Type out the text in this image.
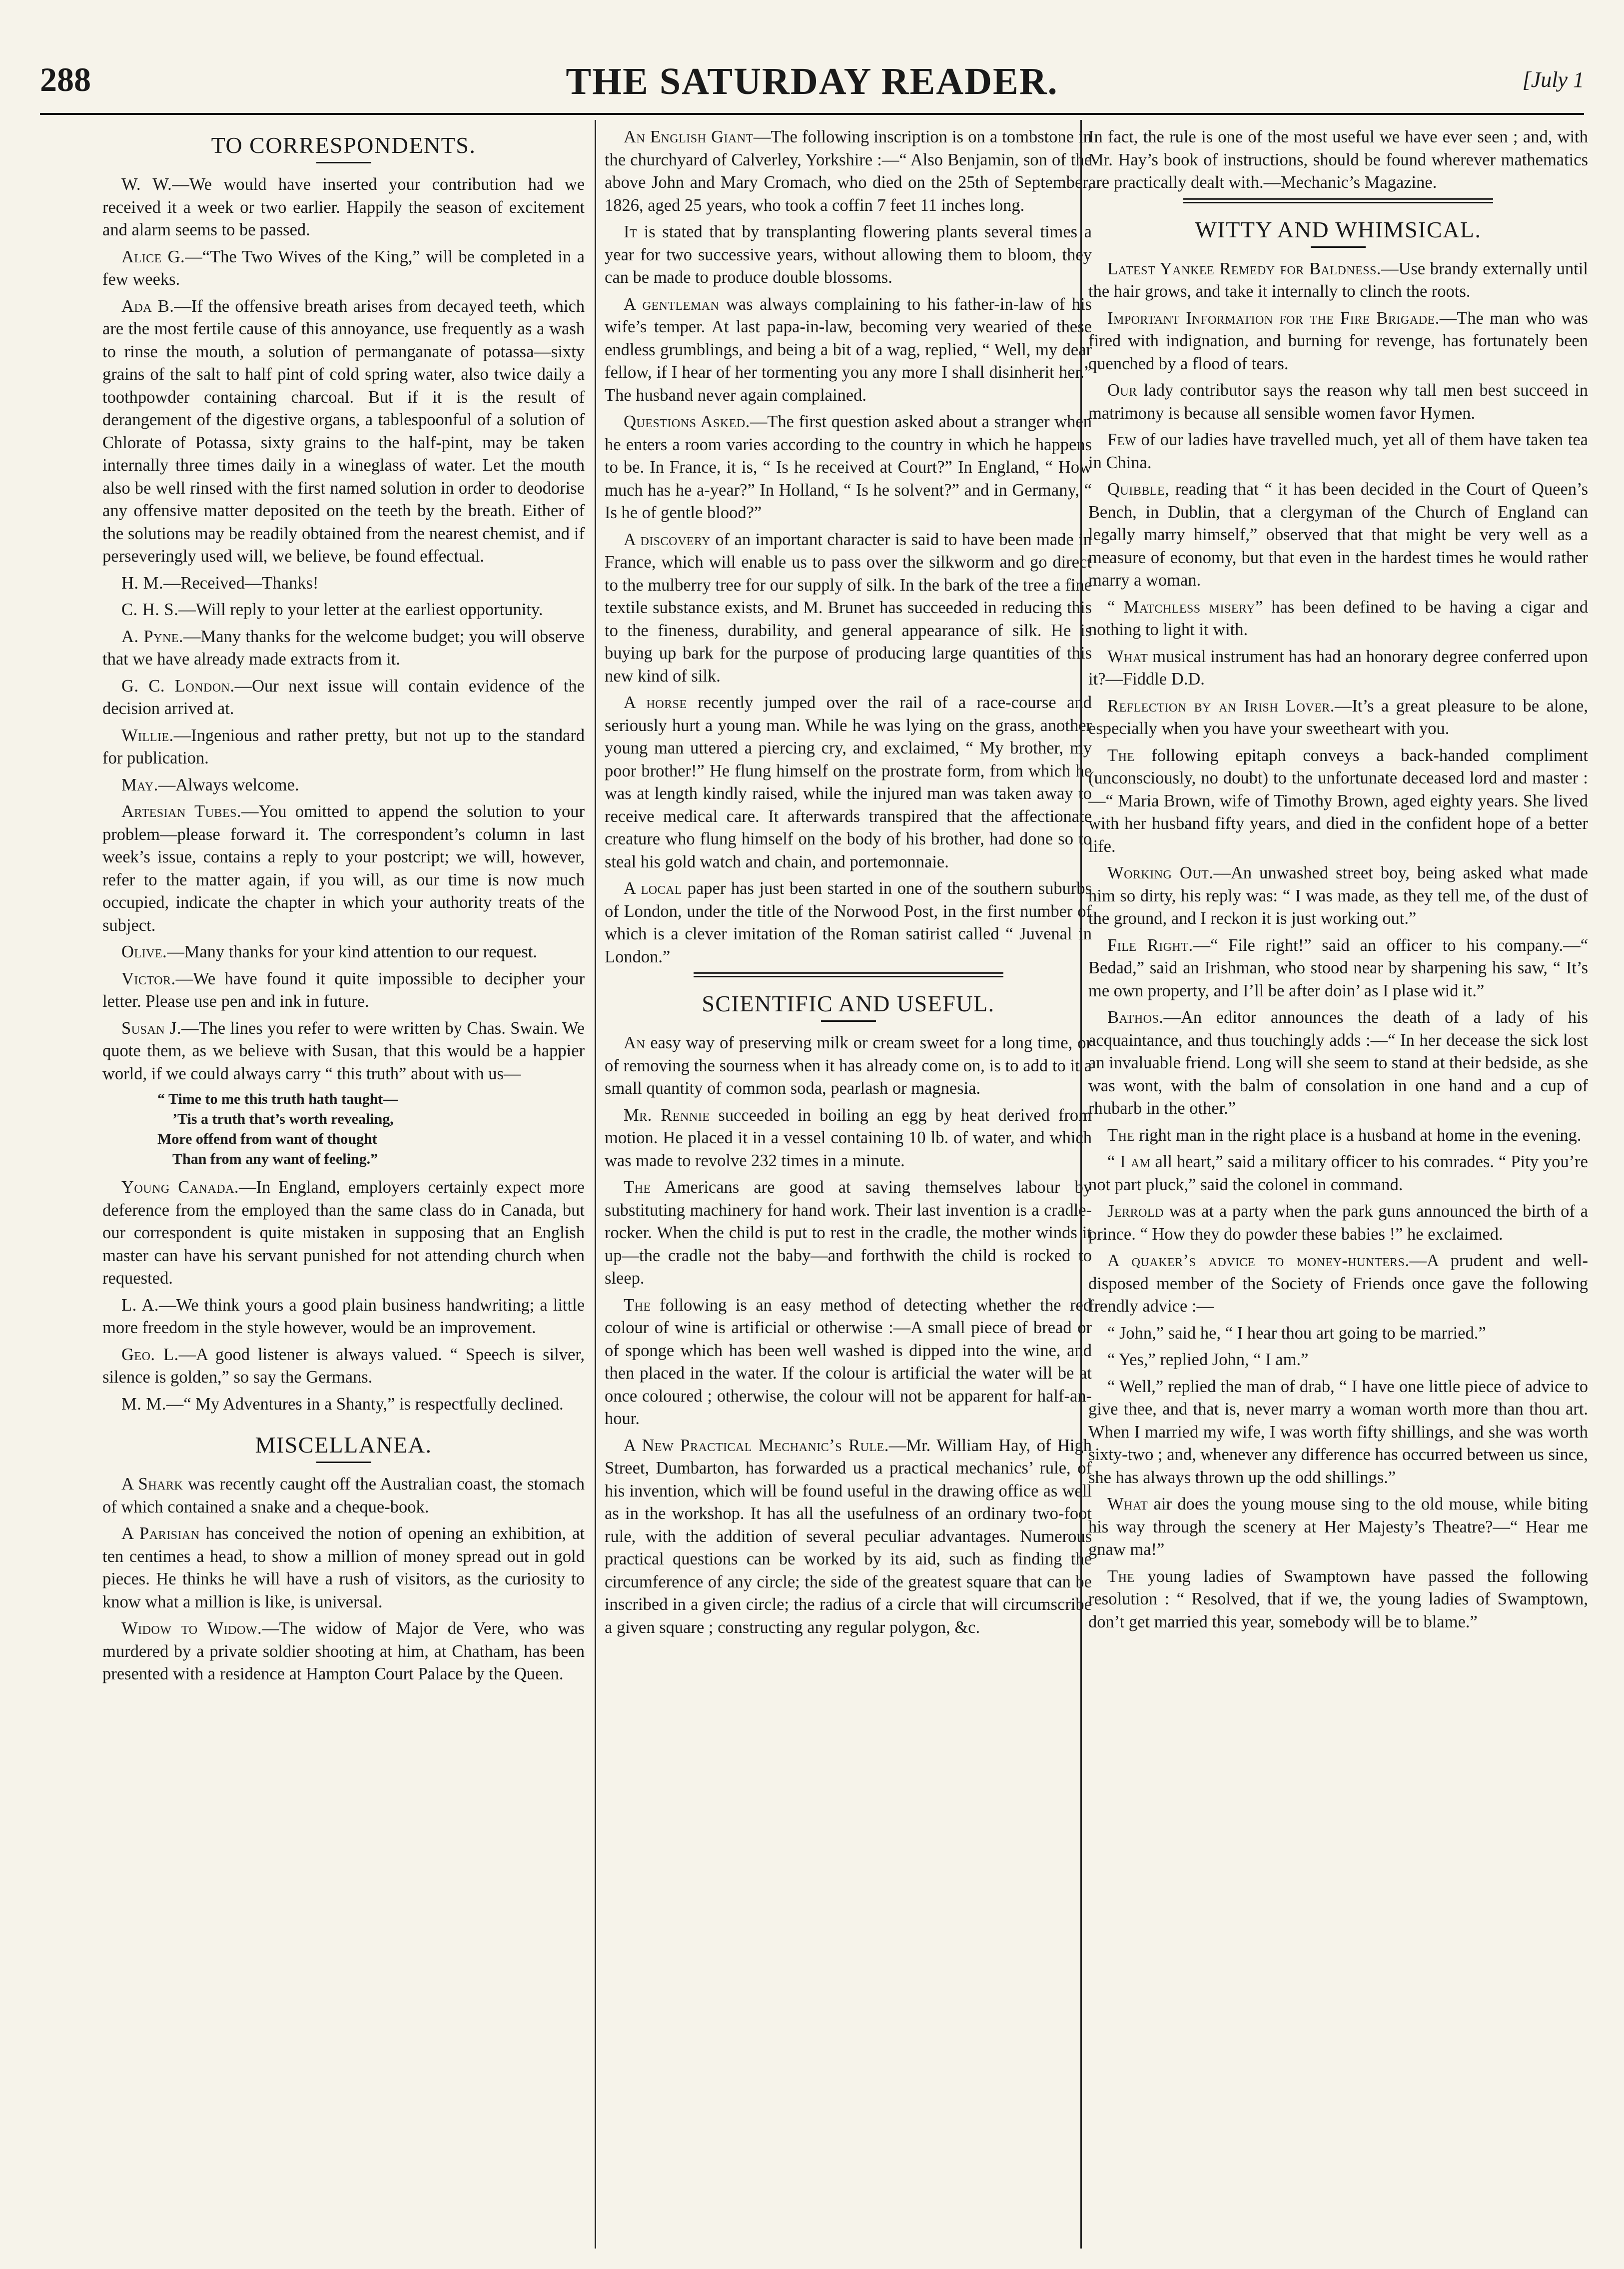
288	THE SATURDAY READER.	[July 1
TO CORRESPONDENTS.

W. W.—We would have inserted your contribution had we received it a week or two earlier. Happily the season of excitement and alarm seems to be passed.

Alice G.—“The Two Wives of the King,” will be completed in a few weeks.

Ada B.—If the offensive breath arises from decayed teeth, which are the most fertile cause of this annoyance, use frequently as a wash to rinse the mouth, a solution of permanganate of potassa—sixty grains of the salt to half pint of cold spring water, also twice daily a toothpowder containing charcoal. But if it is the result of derangement of the digestive organs, a tablespoonful of a solution of Chlorate of Potassa, sixty grains to the half-pint, may be taken internally three times daily in a wineglass of water. Let the mouth also be well rinsed with the first named solution in order to deodorise any offensive matter deposited on the teeth by the breath. Either of the solutions may be readily obtained from the nearest chemist, and if perseveringly used will, we believe, be found effectual.

H. M.—Received—Thanks!

C. H. S.—Will reply to your letter at the earliest opportunity.

A. Pyne.—Many thanks for the welcome budget; you will observe that we have already made extracts from it.

G. C. London.—Our next issue will contain evidence of the decision arrived at.

Willie.—Ingenious and rather pretty, but not up to the standard for publication.

May.—Always welcome.

Artesian Tubes.—You omitted to append the solution to your problem—please forward it. The correspondent’s column in last week’s issue, contains a reply to your postcript; we will, however, refer to the matter again, if you will, as our time is now much occupied, indicate the chapter in which your authority treats of the subject.

Olive.—Many thanks for your kind attention to our request.

Victor.—We have found it quite impossible to decipher your letter. Please use pen and ink in future.

Susan J.—The lines you refer to were written by Chas. Swain. We quote them, as we believe with Susan, that this would be a happier world, if we could always carry “ this truth” about with us—

“ Time to me this truth hath taught—
’Tis a truth that’s worth revealing,
More offend from want of thought
Than from any want of feeling.”

Young Canada.—In England, employers certainly expect more deference from the employed than the same class do in Canada, but our correspondent is quite mistaken in supposing that an English master can have his servant punished for not attending church when requested.

L. A.—We think yours a good plain business handwriting; a little more freedom in the style however, would be an improvement.

Geo. L.—A good listener is always valued. “ Speech is silver, silence is golden,” so say the Germans.

M. M.—“ My Adventures in a Shanty,” is respectfully declined.

MISCELLANEA.

A Shark was recently caught off the Australian coast, the stomach of which contained a snake and a cheque-book.

A Parisian has conceived the notion of opening an exhibition, at ten centimes a head, to show a million of money spread out in gold pieces. He thinks he will have a rush of visitors, as the curiosity to know what a million is like, is universal.

Widow to Widow.—The widow of Major de Vere, who was murdered by a private soldier shooting at him, at Chatham, has been presented with a residence at Hampton Court Palace by the Queen.

An English Giant—The following inscription is on a tombstone in the churchyard of Calverley, Yorkshire :—“ Also Benjamin, son of the above John and Mary Cromach, who died on the 25th of September, 1826, aged 25 years, who took a coffin 7 feet 11 inches long.

It is stated that by transplanting flowering plants several times a year for two successive years, without allowing them to bloom, they can be made to produce double blossoms.

A gentleman was always complaining to his father-in-law of his wife’s temper. At last papa-in-law, becoming very wearied of these endless grumblings, and being a bit of a wag, replied, “ Well, my dear fellow, if I hear of her tormenting you any more I shall disinherit her.” The husband never again complained.

Questions Asked.—The first question asked about a stranger when he enters a room varies according to the country in which he happens to be. In France, it is, “ Is he received at Court?” In England, “ How much has he a-year?” In Holland, “ Is he solvent?” and in Germany, “ Is he of gentle blood?”

A discovery of an important character is said to have been made in France, which will enable us to pass over the silkworm and go direct to the mulberry tree for our supply of silk. In the bark of the tree a fine textile substance exists, and M. Brunet has succeeded in reducing this to the fineness, durability, and general appearance of silk. He is buying up bark for the purpose of producing large quantities of this new kind of silk.

A horse recently jumped over the rail of a race-course and seriously hurt a young man. While he was lying on the grass, another young man uttered a piercing cry, and exclaimed, “ My brother, my poor brother!” He flung himself on the prostrate form, from which he was at length kindly raised, while the injured man was taken away to receive medical care. It afterwards transpired that the affectionate creature who flung himself on the body of his brother, had done so to steal his gold watch and chain, and portemonnaie.

A local paper has just been started in one of the southern suburbs of London, under the title of the Norwood Post, in the first number of which is a clever imitation of the Roman satirist called “ Juvenal in London.”

SCIENTIFIC AND USEFUL.

An easy way of preserving milk or cream sweet for a long time, or of removing the sourness when it has already come on, is to add to it a small quantity of common soda, pearlash or magnesia.

Mr. Rennie succeeded in boiling an egg by heat derived from motion. He placed it in a vessel containing 10 lb. of water, and which was made to revolve 232 times in a minute.

The Americans are good at saving themselves labour by substituting machinery for hand work. Their last invention is a cradle-rocker. When the child is put to rest in the cradle, the mother winds it up—the cradle not the baby—and forthwith the child is rocked to sleep.

The following is an easy method of detecting whether the red colour of wine is artificial or otherwise :—A small piece of bread or of sponge which has been well washed is dipped into the wine, and then placed in the water. If the colour is artificial the water will be at once coloured ; otherwise, the colour will not be apparent for half-an-hour.

A New Practical Mechanic’s Rule.—Mr. William Hay, of High Street, Dumbarton, has forwarded us a practical mechanics’ rule, of his invention, which will be found useful in the drawing office as well as in the workshop. It has all the usefulness of an ordinary two-foot rule, with the addition of several peculiar advantages. Numerous practical questions can be worked by its aid, such as finding the circumference of any circle; the side of the greatest square that can be inscribed in a given circle; the radius of a circle that will circumscribe a given square ; constructing any regular polygon, &c.

In fact, the rule is one of the most useful we have ever seen ; and, with Mr. Hay’s book of instructions, should be found wherever mathematics are practically dealt with.—Mechanic’s Magazine.

WITTY AND WHIMSICAL.

Latest Yankee Remedy for Baldness.—Use brandy externally until the hair grows, and take it internally to clinch the roots.

Important Information for the Fire Brigade.—The man who was fired with indignation, and burning for revenge, has fortunately been quenched by a flood of tears.

Our lady contributor says the reason why tall men best succeed in matrimony is because all sensible women favor Hymen.

Few of our ladies have travelled much, yet all of them have taken tea in China.

Quibble, reading that “ it has been decided in the Court of Queen’s Bench, in Dublin, that a clergyman of the Church of England can legally marry himself,” observed that that might be very well as a measure of economy, but that even in the hardest times he would rather marry a woman.

“ Matchless misery” has been defined to be having a cigar and nothing to light it with.

What musical instrument has had an honorary degree conferred upon it?—Fiddle D.D.

Reflection by an Irish Lover.—It’s a great pleasure to be alone, especially when you have your sweetheart with you.

The following epitaph conveys a back-handed compliment (unconsciously, no doubt) to the unfortunate deceased lord and master :—“ Maria Brown, wife of Timothy Brown, aged eighty years. She lived with her husband fifty years, and died in the confident hope of a better life.

Working Out.—An unwashed street boy, being asked what made him so dirty, his reply was: “ I was made, as they tell me, of the dust of the ground, and I reckon it is just working out.”

File Right.—“ File right!” said an officer to his company.—“ Bedad,” said an Irishman, who stood near by sharpening his saw, “ It’s me own property, and I’ll be after doin’ as I plase wid it.”

Bathos.—An editor announces the death of a lady of his acquaintance, and thus touchingly adds :—“ In her decease the sick lost an invaluable friend. Long will she seem to stand at their bedside, as she was wont, with the balm of consolation in one hand and a cup of rhubarb in the other.”

The right man in the right place is a husband at home in the evening.

“ I am all heart,” said a military officer to his comrades. “ Pity you’re not part pluck,” said the colonel in command.

Jerrold was at a party when the park guns announced the birth of a prince. “ How they do powder these babies !” he exclaimed.

A quaker’s advice to money-hunters.—A prudent and well-disposed member of the Society of Friends once gave the following frendly advice :—

“ John,” said he, “ I hear thou art going to be married.”

“ Yes,” replied John, “ I am.”

“ Well,” replied the man of drab, “ I have one little piece of advice to give thee, and that is, never marry a woman worth more than thou art. When I married my wife, I was worth fifty shillings, and she was worth sixty-two ; and, whenever any difference has occurred between us since, she has always thrown up the odd shillings.”

What air does the young mouse sing to the old mouse, while biting his way through the scenery at Her Majesty’s Theatre?—“ Hear me gnaw ma!”

The young ladies of Swamptown have passed the following resolution : “ Resolved, that if we, the young ladies of Swamptown, don’t get married this year, somebody will be to blame.”
